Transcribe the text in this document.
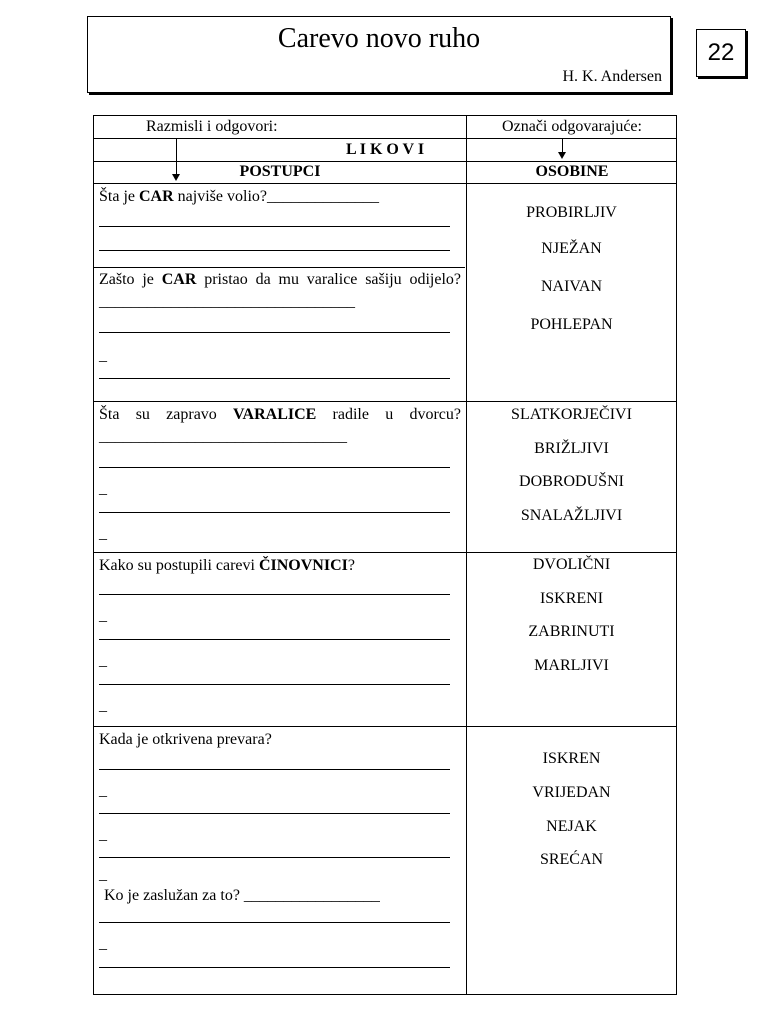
Carevo novo ruho
H. K. Andersen
22
Razmisli i odgovori:	Označi odgovarajuće:
L I K O V I
POSTUPCI	OSOBINE
Šta je CAR najviše volio?______________
Zašto je CAR pristao da mu varalice sašiju odijelo? ________________________________
_
PROBIRLJIV
NJEŽAN
NAIVAN
POHLEPAN
Šta su zapravo VARALICE radile u dvorcu? _______________________________
_
_
SLATKORJEČIVI
BRIŽLJIVI
DOBRODUŠNI
SNALAŽLJIVI
Kako su postupili carevi ČINOVNICI?
_
_
_
DVOLIČNI
ISKRENI
ZABRINUTI
MARLJIVI
Kada je otkrivena prevara?
_
_
_
Ko je zaslužan za to? _________________
_
_
ISKREN
VRIJEDAN
NEJAK
SREĆAN
